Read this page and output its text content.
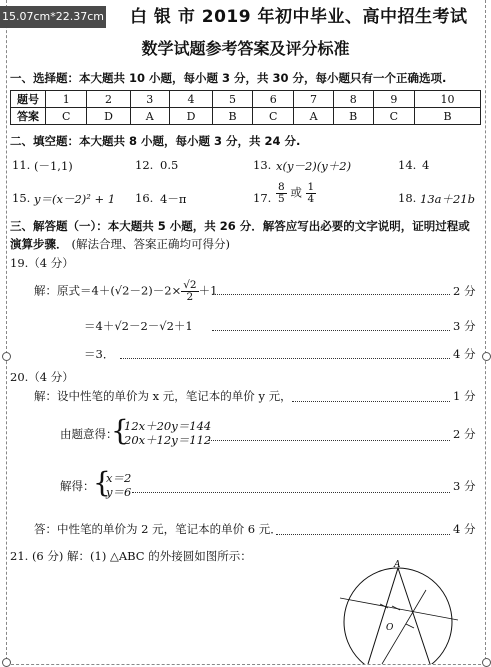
15.07cm*22.37cm 白 银 市 2019 年初中毕业、高中招生考试
数学试题参考答案及评分标准
一、选择题：本大题共 10 小题，每小题 3 分，共 30 分，每小题只有一个正确选项.
题号	1	2	3	4	5	6	7	8	9	10
答案	C	D	A	D	B	C	A	B	C	B
二、填空题：本大题共 8 小题，每小题 3 分，共 24 分.
11. (－1,1)	12. 0.5	13. x(y－2)(y＋2)	14. 4
15. y＝(x－2)² + 1 16. 4－π	17. $\frac{8}{5}$ 或 $\frac{1}{4}$	18. 13a＋21b
三、解答题（一）：本大题共 5 小题，共 26 分．解答应写出必要的文字说明，证明过程或
演算步骤． (解法合理、答案正确均可得分)
19.（4 分）
解：原式$=4+(√2-2)-2\times \frac{√2}{2} +1$	2 分
＝4＋√2－2－√2＋1	3 分
＝3．	4 分
20.（4 分）
解：设中性笔的单价为 x 元，笔记本的单价 y 元，	1 分
由题意得：
{
12x＋20y＝144
20x＋12y＝112	2 分
解得：
{
x＝2
y＝6	3 分
答：中性笔的单价为 2 元，笔记本的单价 6 元．	4 分
21. (6 分) 解：(1) △ABC 的外接圆如图所示：
A
O
